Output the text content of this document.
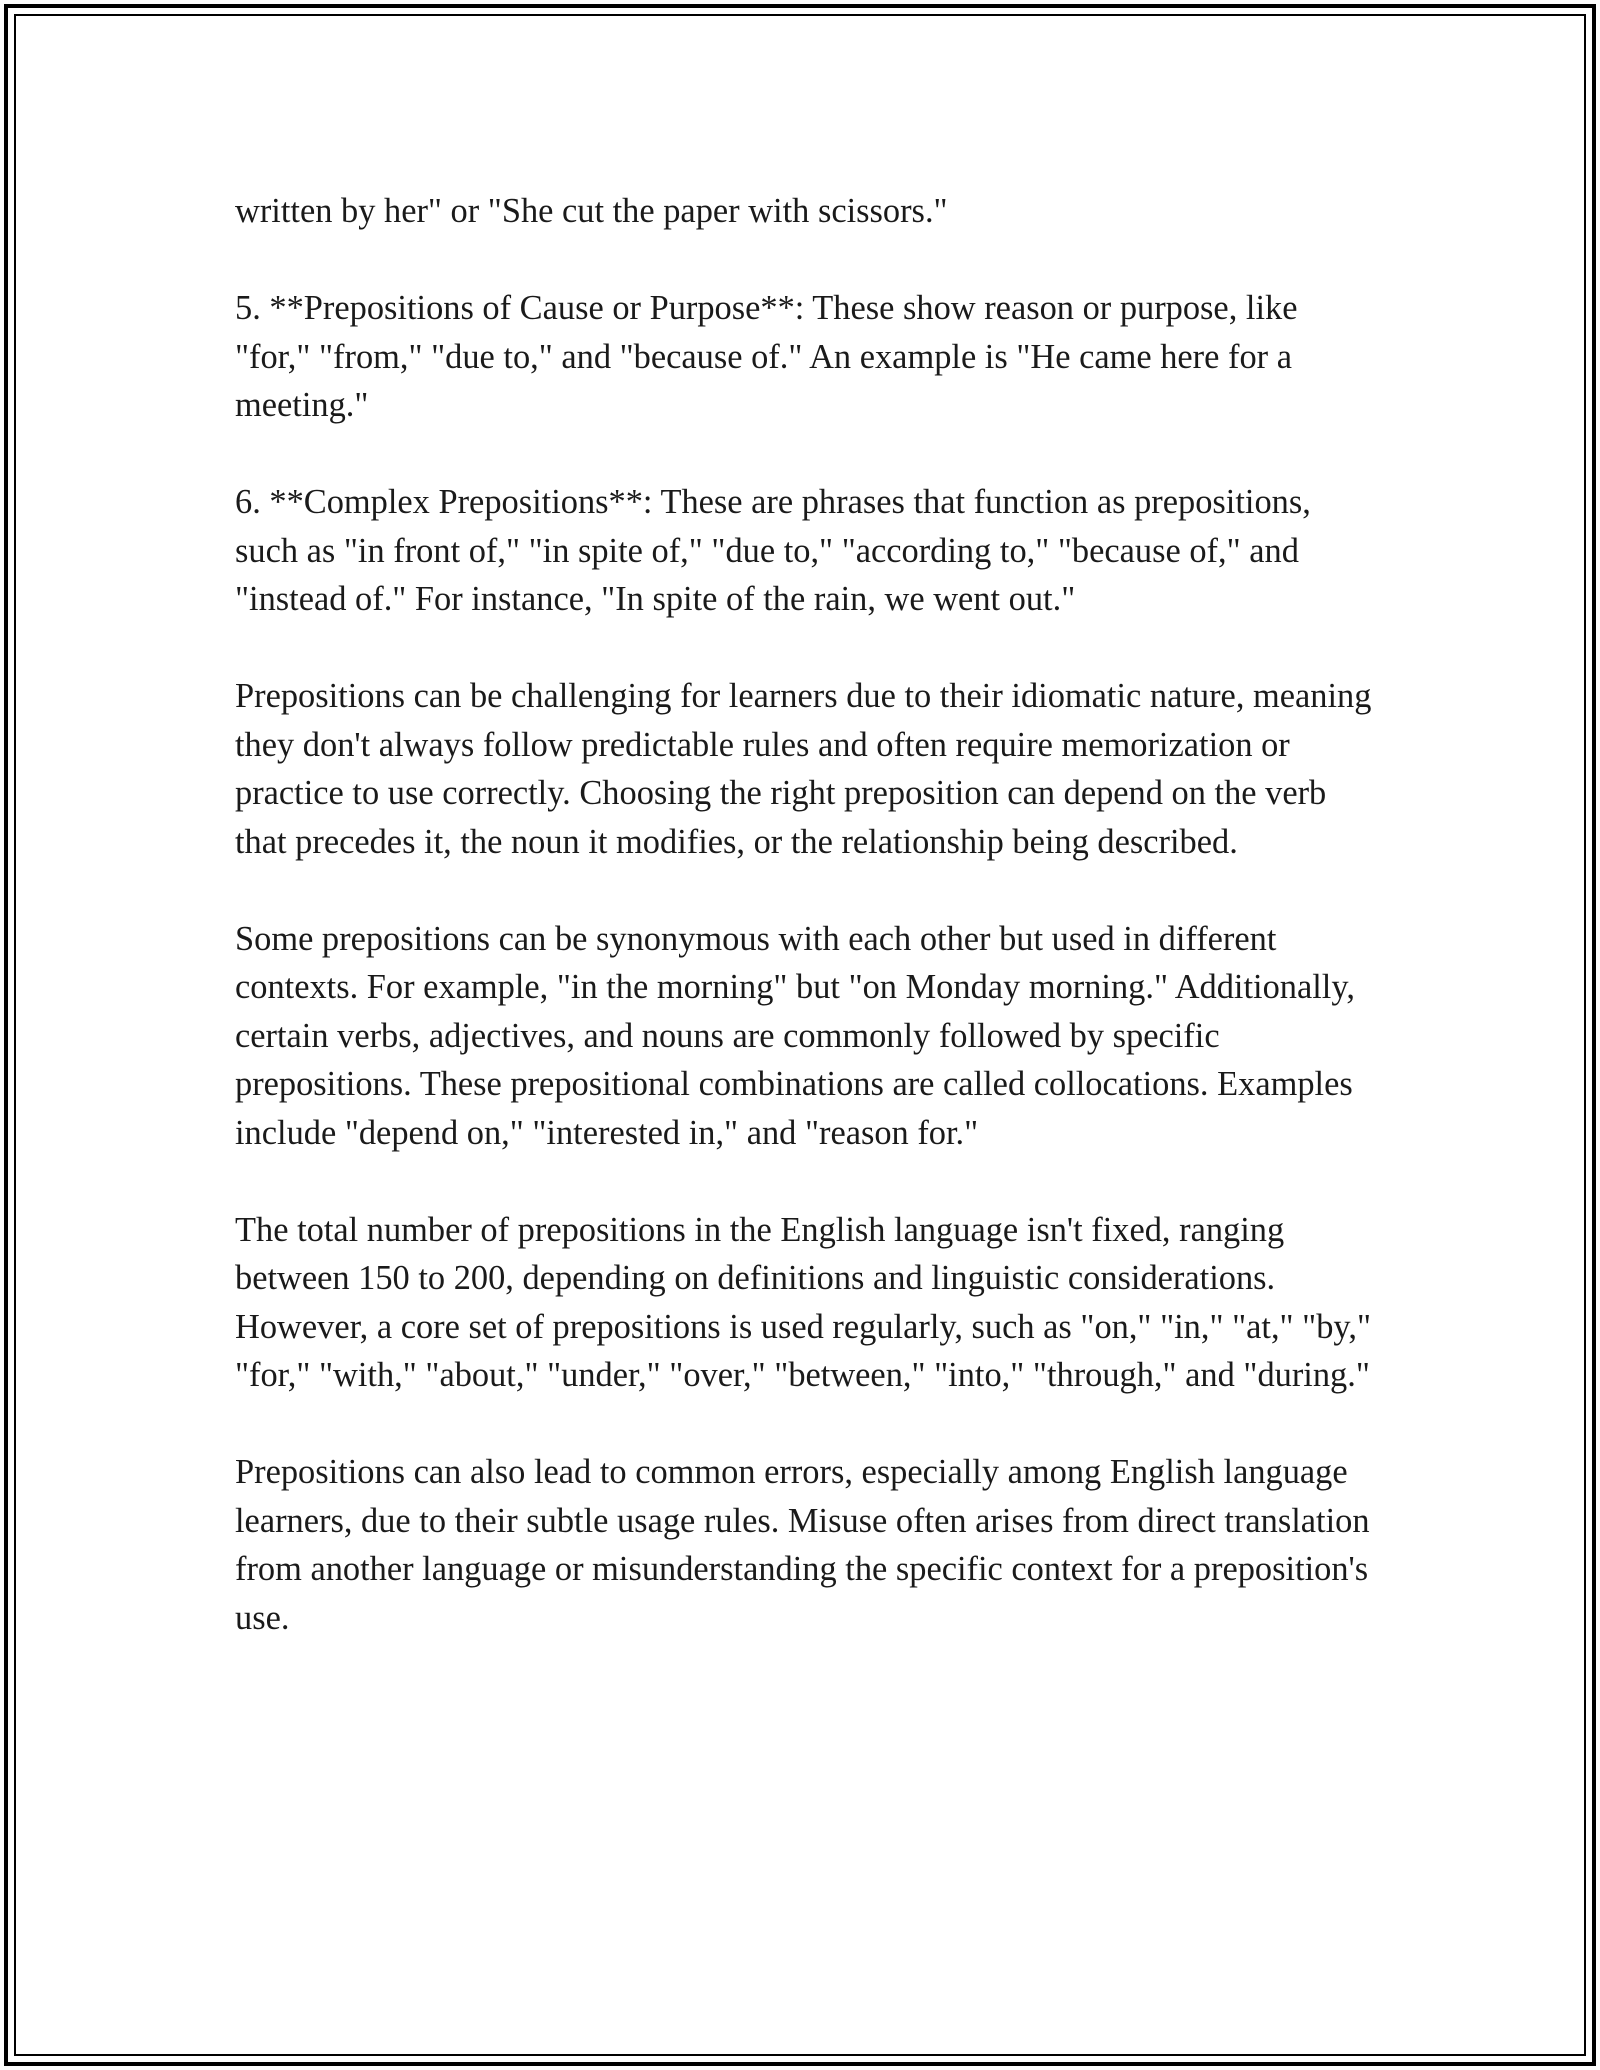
written by her" or "She cut the paper with scissors."

5. **Prepositions of Cause or Purpose**: These show reason or purpose, like "for," "from," "due to," and "because of." An example is "He came here for a meeting."

6. **Complex Prepositions**: These are phrases that function as prepositions, such as "in front of," "in spite of," "due to," "according to," "because of," and "instead of." For instance, "In spite of the rain, we went out."

Prepositions can be challenging for learners due to their idiomatic nature, meaning they don't always follow predictable rules and often require memorization or practice to use correctly. Choosing the right preposition can depend on the verb that precedes it, the noun it modifies, or the relationship being described.

Some prepositions can be synonymous with each other but used in different contexts. For example, "in the morning" but "on Monday morning." Additionally, certain verbs, adjectives, and nouns are commonly followed by specific prepositions. These prepositional combinations are called collocations. Examples include "depend on," "interested in," and "reason for."

The total number of prepositions in the English language isn't fixed, ranging between 150 to 200, depending on definitions and linguistic considerations. However, a core set of prepositions is used regularly, such as "on," "in," "at," "by," "for," "with," "about," "under," "over," "between," "into," "through," and "during."

Prepositions can also lead to common errors, especially among English language learners, due to their subtle usage rules. Misuse often arises from direct translation from another language or misunderstanding the specific context for a preposition's use.
